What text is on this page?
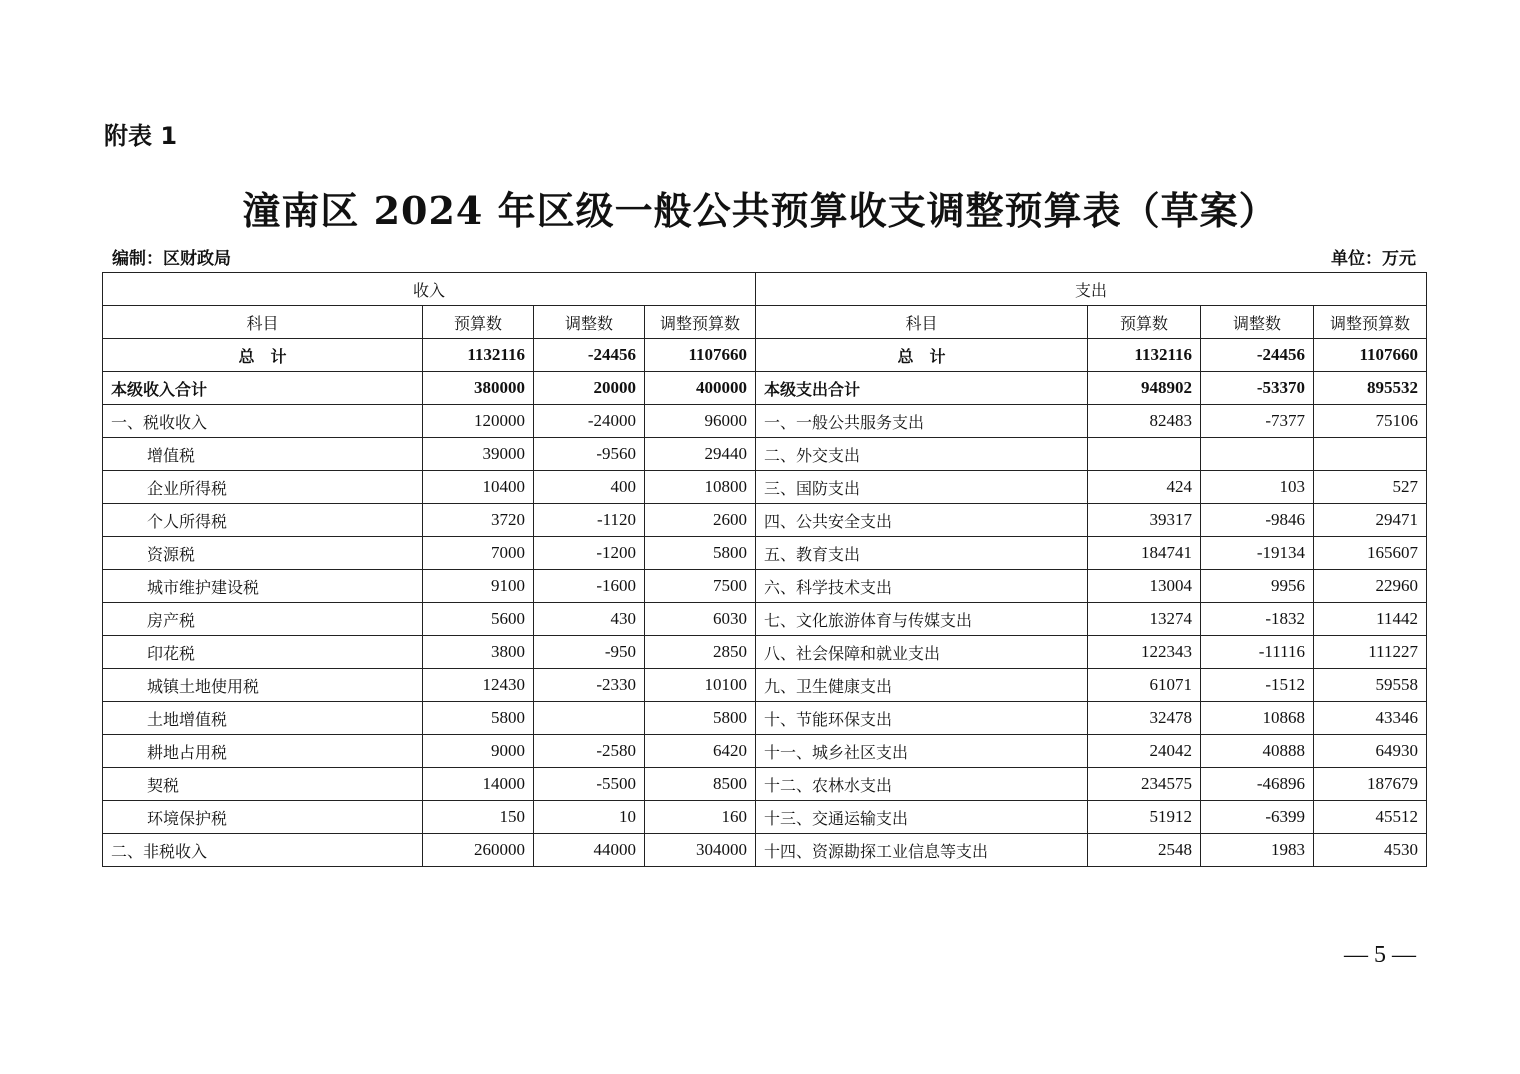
附表 1
潼南区 2024 年区级一般公共预算收支调整预算表（草案）
编制：区财政局	单位：万元
收入				支出			
科目	预算数	调整数	调整预算数	科目	预算数	调整数	调整预算数
总　计	1132116	-24456	1107660	总　计	1132116	-24456	1107660
本级收入合计	380000	20000	400000	本级支出合计	948902	-53370	895532
一、税收收入	120000	-24000	96000	一、一般公共服务支出	82483	-7377	75106
增值税	39000	-9560	29440	二、外交支出			
企业所得税	10400	400	10800	三、国防支出	424	103	527
个人所得税	3720	-1120	2600	四、公共安全支出	39317	-9846	29471
资源税	7000	-1200	5800	五、教育支出	184741	-19134	165607
城市维护建设税	9100	-1600	7500	六、科学技术支出	13004	9956	22960
房产税	5600	430	6030	七、文化旅游体育与传媒支出	13274	-1832	11442
印花税	3800	-950	2850	八、社会保障和就业支出	122343	-11116	111227
城镇土地使用税	12430	-2330	10100	九、卫生健康支出	61071	-1512	59558
土地增值税	5800		5800	十、节能环保支出	32478	10868	43346
耕地占用税	9000	-2580	6420	十一、城乡社区支出	24042	40888	64930
契税	14000	-5500	8500	十二、农林水支出	234575	-46896	187679
环境保护税	150	10	160	十三、交通运输支出	51912	-6399	45512
二、非税收入	260000	44000	304000	十四、资源勘探工业信息等支出	2548	1983	4530
— 5 —
